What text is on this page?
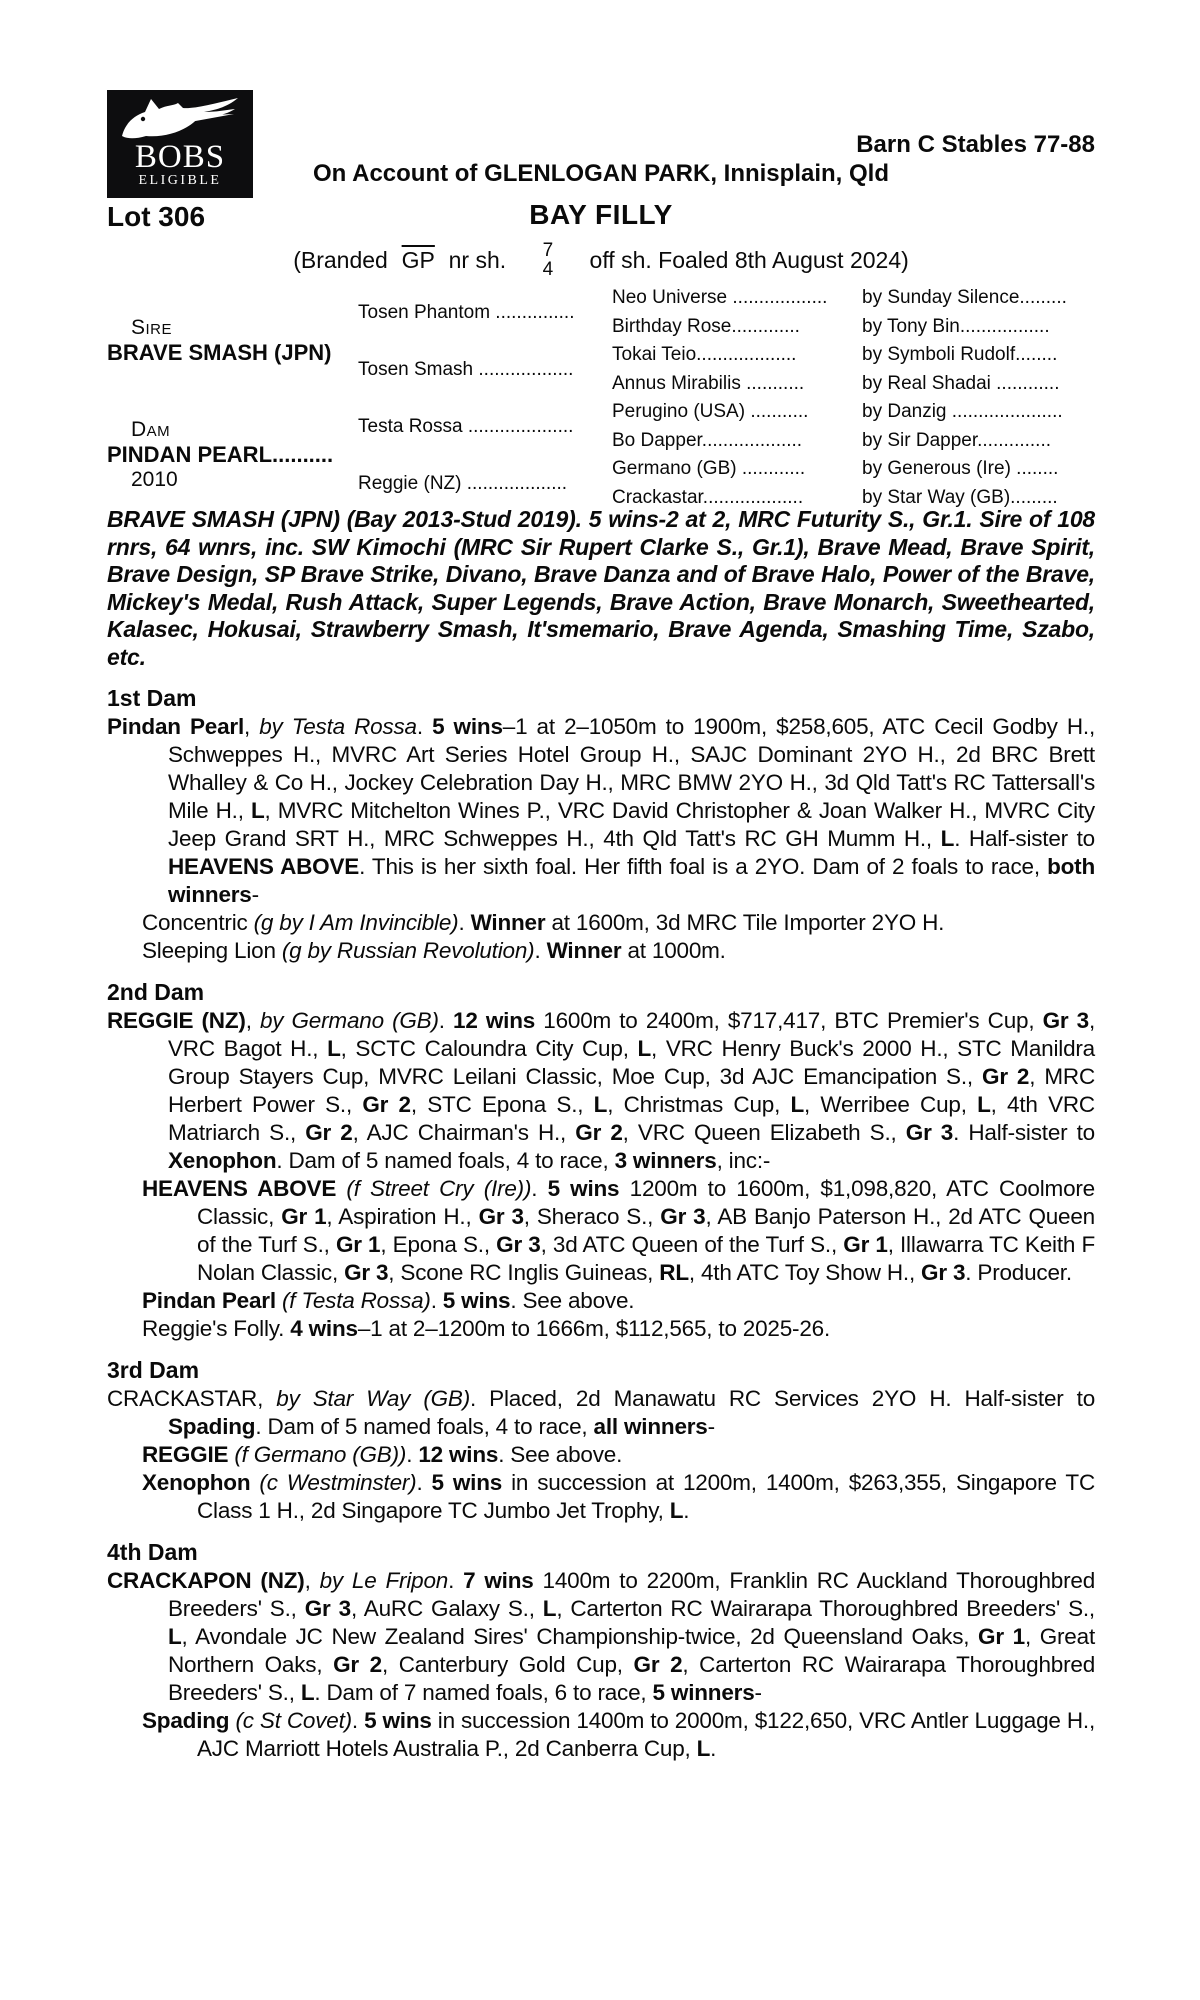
BOBS
ELIGIBLE
Barn C Stables 77-88
On Account of GLENLOGAN PARK, Innisplain, Qld
Lot 306	BAY FILLY
(Branded $\overline{GP}$ nr sh. 7
4 off sh. Foaled 8th August 2024)
Sire
BRAVE SMASH (JPN)
Dam
PINDAN PEARL..........
2010
Tosen Phantom ...............
Tosen Smash ..................
Testa Rossa ....................
Reggie (NZ) ...................
Neo Universe ..................	by Sunday Silence.........
Birthday Rose.............	by Tony Bin.................
Tokai Teio...................	by Symboli Rudolf........
Annus Mirabilis ...........	by Real Shadai ............
Perugino (USA) ...........	by Danzig .....................
Bo Dapper...................	by Sir Dapper..............
Germano (GB) ............	by Generous (Ire) ........
Crackastar...................	by Star Way (GB).........
BRAVE SMASH (JPN) (Bay 2013-Stud 2019). 5 wins-2 at 2, MRC Futurity S., Gr.1. Sire of 108 rnrs, 64 wnrs, inc. SW Kimochi (MRC Sir Rupert Clarke S., Gr.1), Brave Mead, Brave Spirit, Brave Design, SP Brave Strike, Divano, Brave Danza and of Brave Halo, Power of the Brave, Mickey's Medal, Rush Attack, Super Legends, Brave Action, Brave Monarch, Sweethearted, Kalasec, Hokusai, Strawberry Smash, It'smemario, Brave Agenda, Smashing Time, Szabo, etc.
1st Dam

Pindan Pearl, by Testa Rossa. 5 wins–1 at 2–1050m to 1900m, $258,605, ATC Cecil Godby H., Schweppes H., MVRC Art Series Hotel Group H., SAJC Dominant 2YO H., 2d BRC Brett Whalley & Co H., Jockey Celebration Day H., MRC BMW 2YO H., 3d Qld Tatt's RC Tattersall's Mile H., L, MVRC Mitchelton Wines P., VRC David Christopher & Joan Walker H., MVRC City Jeep Grand SRT H., MRC Schweppes H., 4th Qld Tatt's RC GH Mumm H., L. Half-sister to HEAVENS ABOVE. This is her sixth foal. Her fifth foal is a 2YO. Dam of 2 foals to race, both winners-

Concentric (g by I Am Invincible). Winner at 1600m, 3d MRC Tile Importer 2YO H.

Sleeping Lion (g by Russian Revolution). Winner at 1000m.

2nd Dam

REGGIE (NZ), by Germano (GB). 12 wins 1600m to 2400m, $717,417, BTC Premier's Cup, Gr 3, VRC Bagot H., L, SCTC Caloundra City Cup, L, VRC Henry Buck's 2000 H., STC Manildra Group Stayers Cup, MVRC Leilani Classic, Moe Cup, 3d AJC Emancipation S., Gr 2, MRC Herbert Power S., Gr 2, STC Epona S., L, Christmas Cup, L, Werribee Cup, L, 4th VRC Matriarch S., Gr 2, AJC Chairman's H., Gr 2, VRC Queen Elizabeth S., Gr 3. Half-sister to Xenophon. Dam of 5 named foals, 4 to race, 3 winners, inc:-

HEAVENS ABOVE (f Street Cry (Ire)). 5 wins 1200m to 1600m, $1,098,820, ATC Coolmore Classic, Gr 1, Aspiration H., Gr 3, Sheraco S., Gr 3, AB Banjo Paterson H., 2d ATC Queen of the Turf S., Gr 1, Epona S., Gr 3, 3d ATC Queen of the Turf S., Gr 1, Illawarra TC Keith F Nolan Classic, Gr 3, Scone RC Inglis Guineas, RL, 4th ATC Toy Show H., Gr 3. Producer.

Pindan Pearl (f Testa Rossa). 5 wins. See above.

Reggie's Folly. 4 wins–1 at 2–1200m to 1666m, $112,565, to 2025-26.

3rd Dam

CRACKASTAR, by Star Way (GB). Placed, 2d Manawatu RC Services 2YO H. Half-sister to Spading. Dam of 5 named foals, 4 to race, all winners-

REGGIE (f Germano (GB)). 12 wins. See above.

Xenophon (c Westminster). 5 wins in succession at 1200m, 1400m, $263,355, Singapore TC Class 1 H., 2d Singapore TC Jumbo Jet Trophy, L.

4th Dam

CRACKAPON (NZ), by Le Fripon. 7 wins 1400m to 2200m, Franklin RC Auckland Thoroughbred Breeders' S., Gr 3, AuRC Galaxy S., L, Carterton RC Wairarapa Thoroughbred Breeders' S., L, Avondale JC New Zealand Sires' Championship-twice, 2d Queensland Oaks, Gr 1, Great Northern Oaks, Gr 2, Canterbury Gold Cup, Gr 2, Carterton RC Wairarapa Thoroughbred Breeders' S., L. Dam of 7 named foals, 6 to race, 5 winners-

Spading (c St Covet). 5 wins in succession 1400m to 2000m, $122,650, VRC Antler Luggage H., AJC Marriott Hotels Australia P., 2d Canberra Cup, L.
